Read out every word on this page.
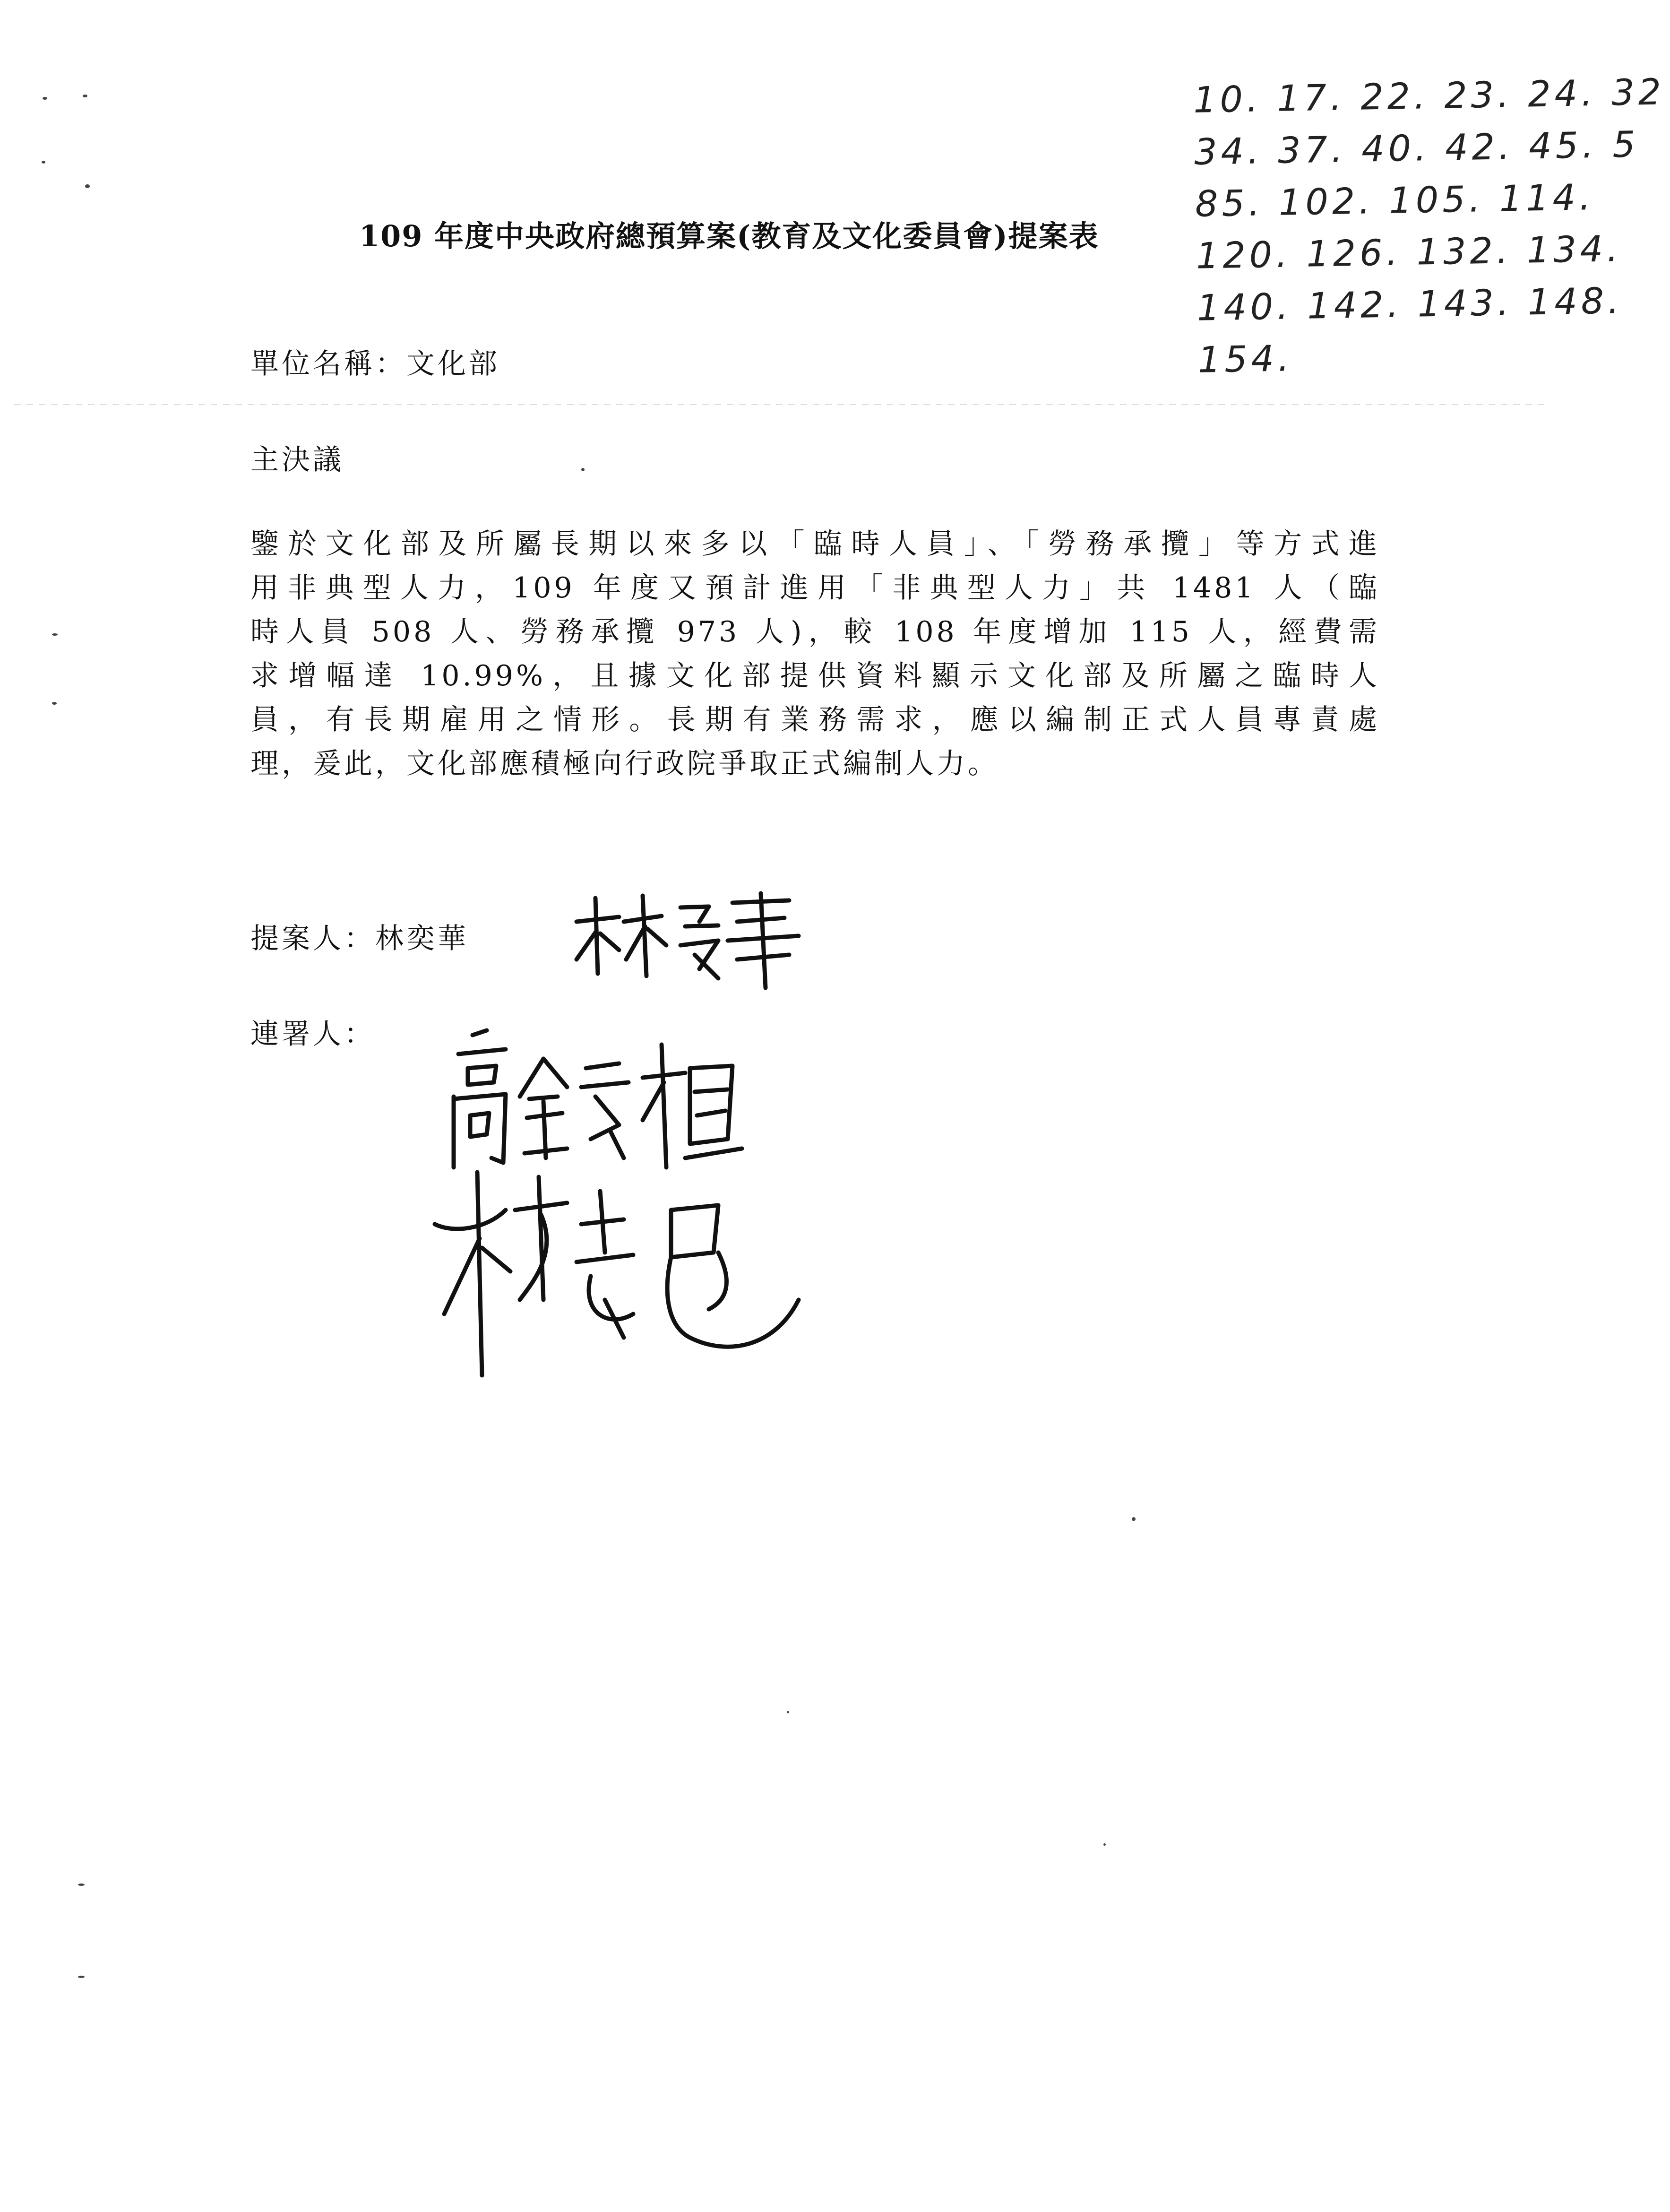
109 年度中央政府總預算案(教育及文化委員會)提案表
單位名稱：文化部
主決議
鑒於文化部及所屬長期以來多以「臨時人員」、「勞務承攬」等方式進
用非典型人力，109 年度又預計進用「非典型人力」共 1481 人（臨
時人員 508 人、勞務承攬 973 人)，較 108 年度增加 115 人，經費需
求增幅達 10.99%，且據文化部提供資料顯示文化部及所屬之臨時人
員，有長期雇用之情形。長期有業務需求，應以編制正式人員專責處
理，爰此，文化部應積極向行政院爭取正式編制人力。
提案人：林奕華
連署人：
10. 17. 22. 23. 24. 32
34. 37. 40. 42. 45. 5
85. 102. 105. 114.
120. 126. 132. 134.
140. 142. 143. 148.
154.
